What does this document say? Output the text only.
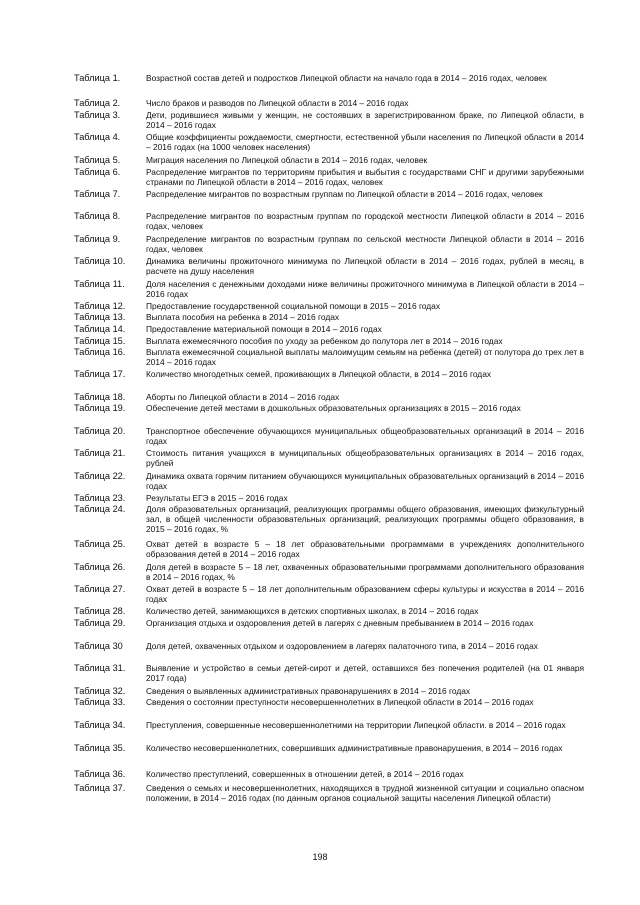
Таблица 1.	Возрастной состав детей и подростков Липецкой области на начало года в 2014 – 2016 годах, человек
Таблица 2.	Число браков и разводов по Липецкой области в 2014 – 2016 годах
Таблица 3.	Дети, родившиеся живыми у женщин, не состоявших в зарегистрированном браке, по Липецкой области, в 2014 – 2016 годах
Таблица 4.	Общие коэффициенты рождаемости, смертности, естественной убыли населения по Липецкой области в 2014 – 2016 годах (на 1000 человек населения)
Таблица 5.	Миграция населения по Липецкой области в 2014 – 2016 годах, человек
Таблица 6.	Распределение мигрантов по территориям прибытия и выбытия с государствами СНГ и другими зарубежными странами по Липецкой области в 2014 – 2016 годах, человек
Таблица 7.	Распределение мигрантов по возрастным группам по Липецкой области в 2014 – 2016 годах, человек
Таблица 8.	Распределение мигрантов по возрастным группам по городской местности Липецкой области в 2014 – 2016 годах, человек
Таблица 9.	Распределение мигрантов по возрастным группам по сельской местности Липецкой области в 2014 – 2016 годах, человек
Таблица 10.	Динамика величины прожиточного минимума по Липецкой области в 2014 – 2016 годах, рублей в месяц, в расчете на душу населения
Таблица 11.	Доля населения с денежными доходами ниже величины прожиточного минимума в Липецкой области в 2014 – 2016 годах
Таблица 12.	Предоставление государственной социальной помощи в 2015 – 2016 годах
Таблица 13.	Выплата пособия на ребенка в 2014 – 2016 годах
Таблица 14.	Предоставление материальной помощи в 2014 – 2016 годах
Таблица 15.	Выплата ежемесячного пособия по уходу за ребенком до полутора лет в 2014 – 2016 годах
Таблица 16.	Выплата ежемесячной социальной выплаты малоимущим семьям на ребенка (детей) от полутора до трех лет в 2014 – 2016 годах
Таблица 17.	Количество многодетных семей, проживающих в Липецкой области, в 2014 – 2016 годах
Таблица 18.	Аборты по Липецкой области в 2014 – 2016 годах
Таблица 19.	Обеспечение детей местами в дошкольных образовательных организациях в 2015 – 2016 годах
Таблица 20.	Транспортное обеспечение обучающихся муниципальных общеобразовательных организаций в 2014 – 2016 годах
Таблица 21.	Стоимость питания учащихся в муниципальных общеобразовательных организациях в 2014 – 2016 годах, рублей
Таблица 22.	Динамика охвата горячим питанием обучающихся муниципальных образовательных организаций в 2014 – 2016 годах
Таблица 23.	Результаты ЕГЭ в 2015 – 2016 годах
Таблица 24.	Доля образовательных организаций, реализующих программы общего образования, имеющих физкультурный зал, в общей численности образовательных организаций, реализующих программы общего образования, в 2015 – 2016 годах, %
Таблица 25.	Охват детей в возрасте 5 – 18 лет образовательными программами в учреждениях дополнительного образования детей в 2014 – 2016 годах
Таблица 26.	Доля детей в возрасте 5 – 18 лет, охваченных образовательными программами дополнительного образования в 2014 – 2016 годах, %
Таблица 27.	Охват детей в возрасте 5 – 18 лет дополнительным образованием сферы культуры и искусства в 2014 – 2016 годах
Таблица 28.	Количество детей, занимающихся в детских спортивных школах, в 2014 – 2016 годах
Таблица 29.	Организация отдыха и оздоровления детей в лагерях с дневным пребыванием в 2014 – 2016 годах
Таблица 30	Доля детей, охваченных отдыхом и оздоровлением в лагерях палаточного типа, в 2014 – 2016 годах
Таблица 31.	Выявление и устройство в семьи детей-сирот и детей, оставшихся без попечения родителей (на 01 января 2017 года)
Таблица 32.	Сведения о выявленных административных правонарушениях в 2014 – 2016 годах
Таблица 33.	Сведения о состоянии преступности несовершеннолетних в Липецкой области в 2014 – 2016 годах
Таблица 34.	Преступления, совершенные несовершеннолетними на территории Липецкой области. в 2014 – 2016 годах
Таблица 35.	Количество несовершеннолетних, совершивших административные правонарушения, в 2014 – 2016 годах
Таблица 36.	Количество преступлений, совершенных в отношении детей, в 2014 – 2016 годах
Таблица 37.	Сведения о семьях и несовершеннолетних, находящихся в трудной жизненной ситуации и социально опасном положении, в 2014 – 2016 годах (по данным органов социальной защиты населения Липецкой области)
198
